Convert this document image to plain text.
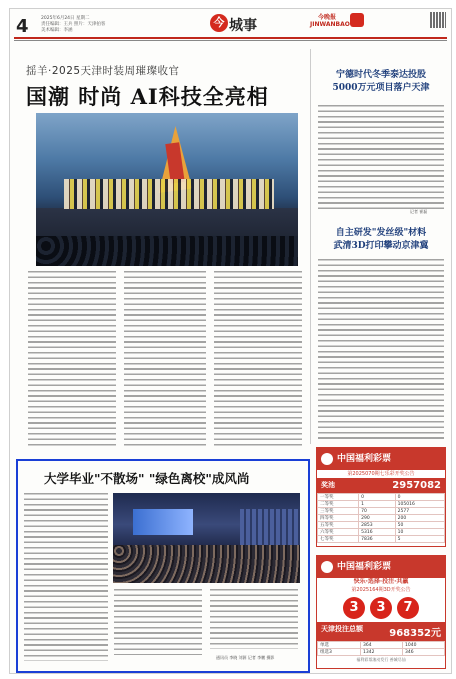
4	2025年6月24日 星期二
责任编辑：王兵 照片：天津拍客
美术编辑：李涵
今 城事
今晚报 JINWANBAO
揺羊·2025天津时装周璀璨收官
国潮 时尚 AI科技全亮相
宁德时代冬季泰达投股
5000万元项目落户天津
记者 崔磊
自主研发"发丝级"材料
武清3D打印攀动京津冀
大学毕业"不散场" "绿色离校"成风尚
通讯员 李晓 刘源 记者 李鹏 摄影
中国福利彩票
第2025070期七乐彩开奖公告
奖池	2957082
一等奖	0	0
二等奖	1	105016
三等奖	70	2577
四等奖	290	200
五等奖	2853	50
六等奖	5316	10
七等奖	7836	5
中国福利彩票
快乐·选择·投注·共贏
第2025164期3D开奖公告
3	3	7
天津投注总额	968352元
单选	364	1040
组选3	1342	346
福利彩票滚动发行 善城尽仙
